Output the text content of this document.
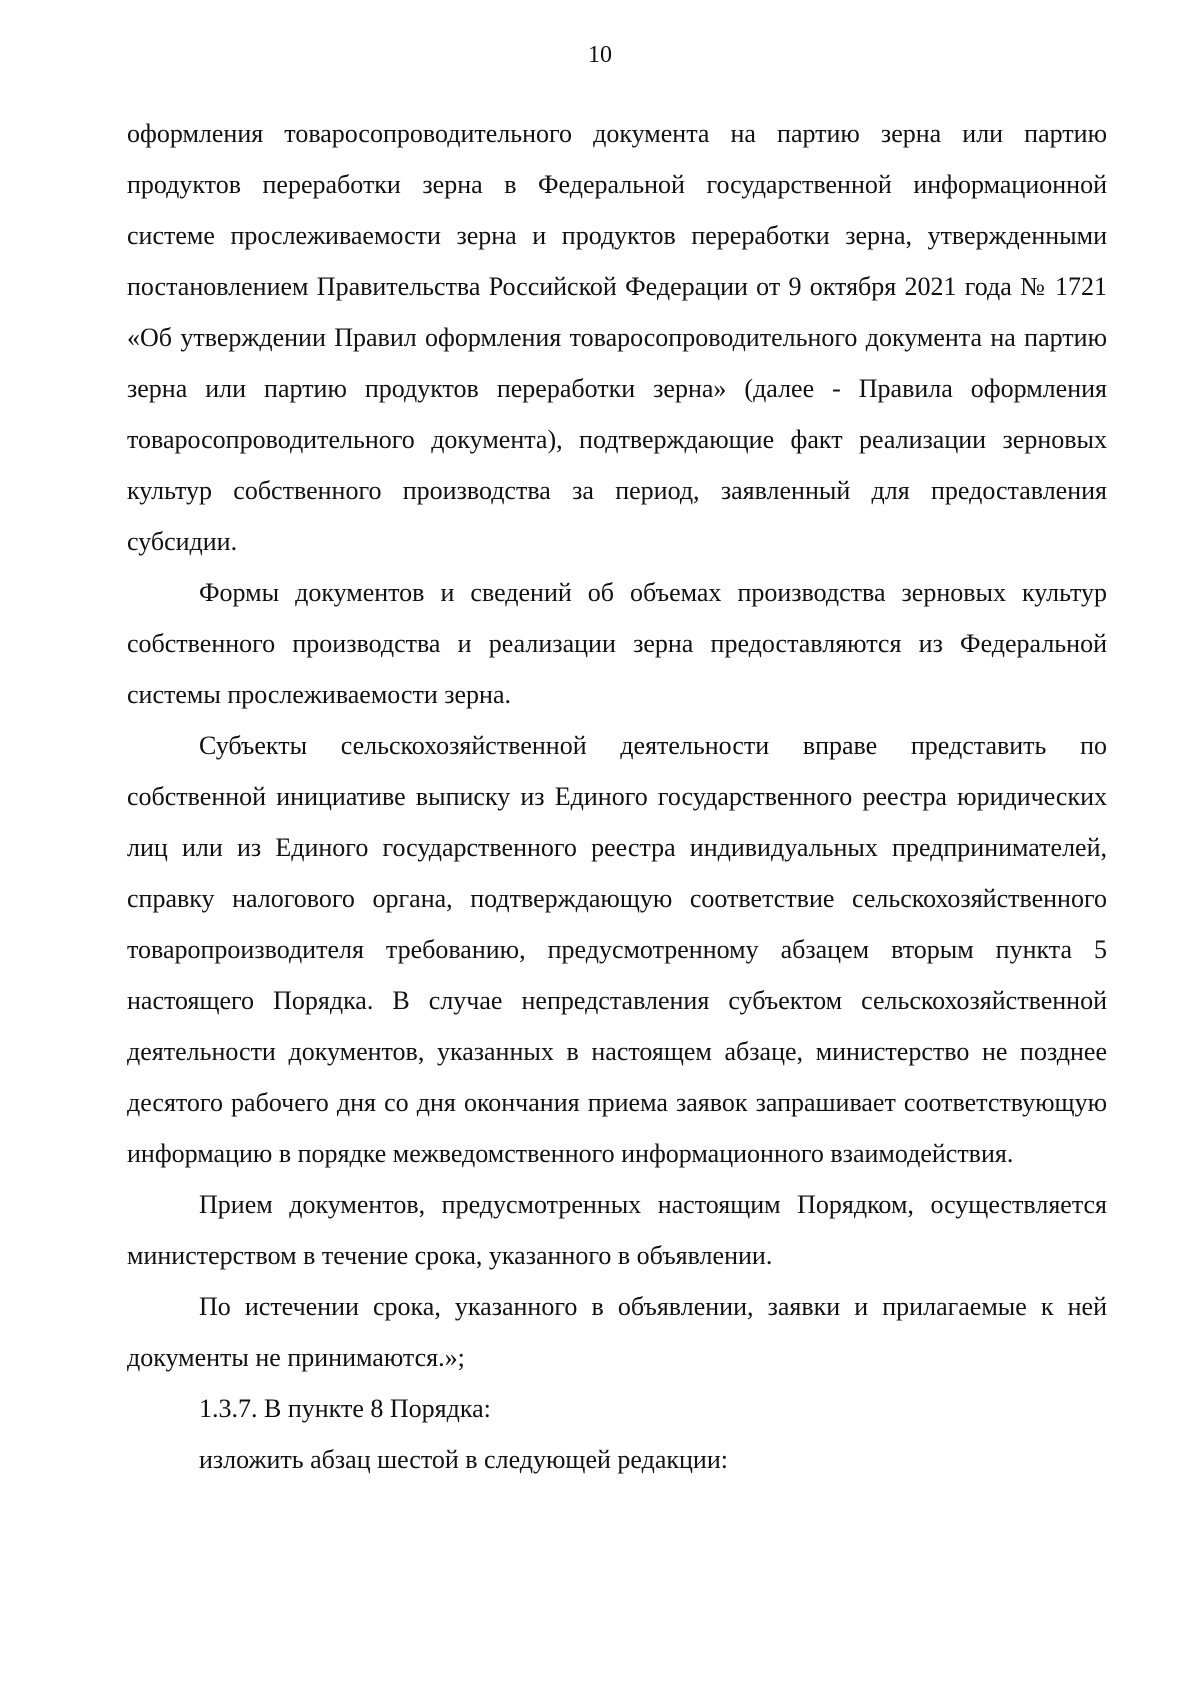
10

оформления товаросопроводительного документа на партию зерна или партию продуктов переработки зерна в Федеральной государственной информационной системе прослеживаемости зерна и продуктов переработки зерна, утвержденными постановлением Правительства Российской Федерации от 9 октября 2021 года № 1721 «Об утверждении Правил оформления товаросопроводительного документа на партию зерна или партию продуктов переработки зерна» (далее - Правила оформления товаросопроводительного документа), подтверждающие факт реализации зерновых культур собственного производства за период, заявленный для предоставления субсидии.

Формы документов и сведений об объемах производства зерновых культур собственного производства и реализации зерна предоставляются из Федеральной системы прослеживаемости зерна.

Субъекты сельскохозяйственной деятельности вправе представить по собственной инициативе выписку из Единого государственного реестра юридических лиц или из Единого государственного реестра индивидуальных предпринимателей, справку налогового органа, подтверждающую соответствие сельскохозяйственного товаропроизводителя требованию, предусмотренному абзацем вторым пункта 5 настоящего Порядка. В случае непредставления субъектом сельскохозяйственной деятельности документов, указанных в настоящем абзаце, министерство не позднее десятого рабочего дня со дня окончания приема заявок запрашивает соответствующую информацию в порядке межведомственного информационного взаимодействия.

Прием документов, предусмотренных настоящим Порядком, осуществляется министерством в течение срока, указанного в объявлении.

По истечении срока, указанного в объявлении, заявки и прилагаемые к ней документы не принимаются.»;

1.3.7. В пункте 8 Порядка:

изложить абзац шестой в следующей редакции:
